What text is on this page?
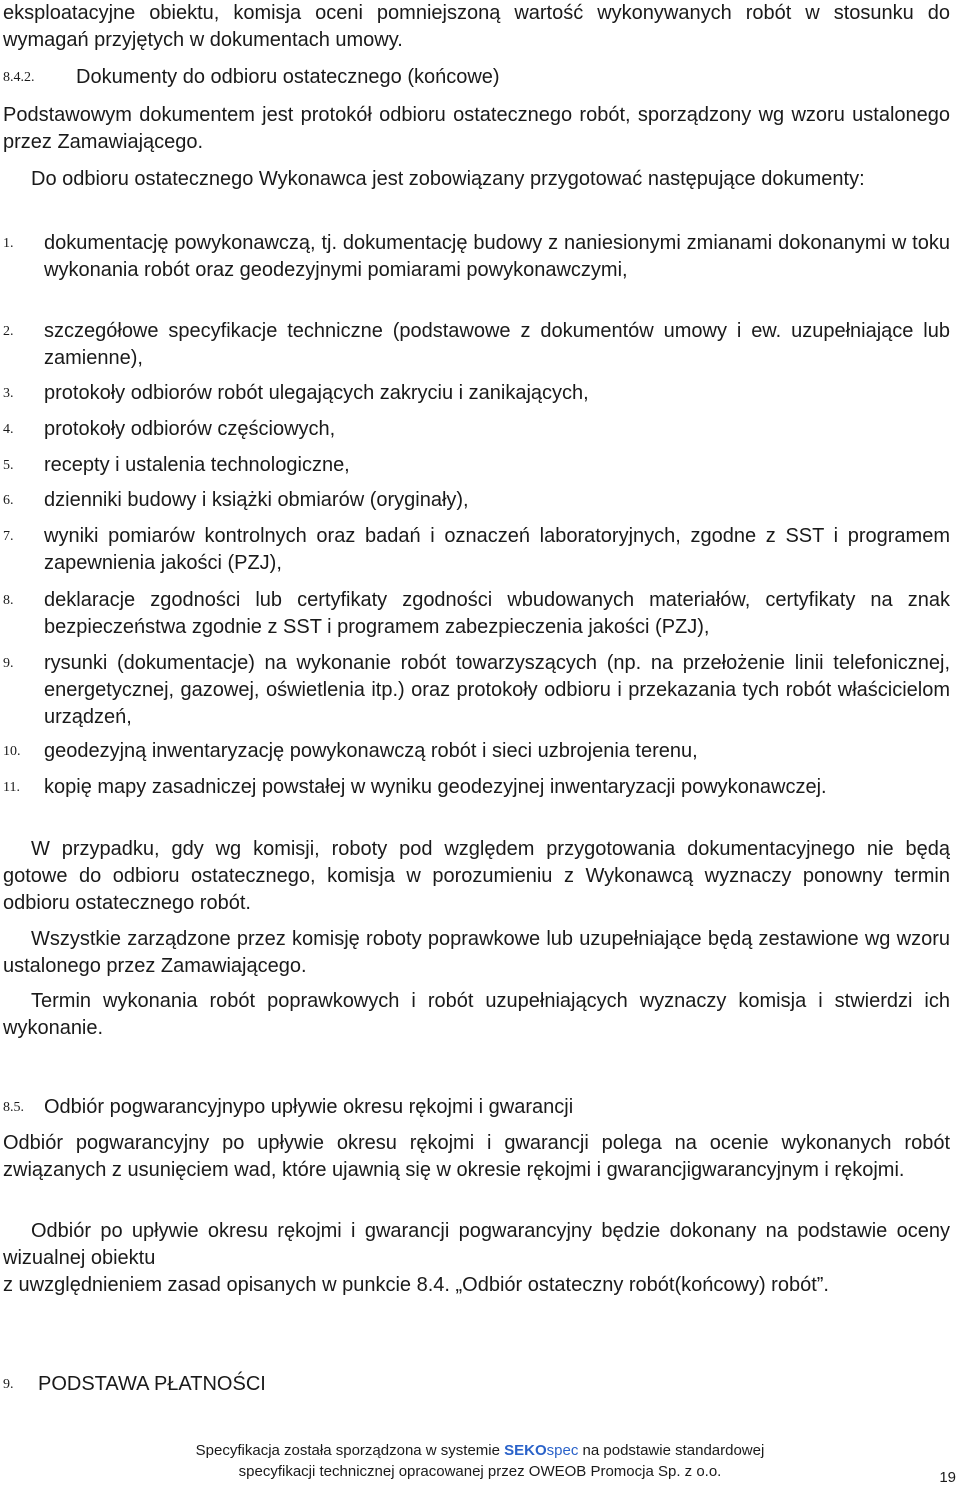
eksploatacyjne obiektu, komisja oceni pomniejszoną wartość wykonywanych robót w stosunku do wymagań przyjętych w dokumentach umowy.

8.4.2. Dokumenty do odbioru ostatecznego (końcowe)

Podstawowym dokumentem jest protokół odbioru ostatecznego robót, sporządzony wg wzoru ustalonego przez Zamawiającego.

Do odbioru ostatecznego Wykonawca jest zobowiązany przygotować następujące dokumenty:

1. dokumentację powykonawczą, tj. dokumentację budowy z naniesionymi zmianami dokonanymi w toku wykonania robót oraz geodezyjnymi pomiarami powykonawczymi,

2. szczegółowe specyfikacje techniczne (podstawowe z dokumentów umowy i ew. uzupełniające lub zamienne),

3. protokoły odbiorów robót ulegających zakryciu i zanikających,

4. protokoły odbiorów częściowych,

5. recepty i ustalenia technologiczne,

6. dzienniki budowy i książki obmiarów (oryginały),

7. wyniki pomiarów kontrolnych oraz badań i oznaczeń laboratoryjnych, zgodne z SST i programem zapewnienia jakości (PZJ),

8. deklaracje zgodności lub certyfikaty zgodności wbudowanych materiałów, certyfikaty na znak bezpieczeństwa zgodnie z SST i programem zabezpieczenia jakości (PZJ),

9. rysunki (dokumentacje) na wykonanie robót towarzyszących (np. na przełożenie linii telefonicznej, energetycznej, gazowej, oświetlenia itp.) oraz protokoły odbioru i przekazania tych robót właścicielom urządzeń,

10. geodezyjną inwentaryzację powykonawczą robót i sieci uzbrojenia terenu,

11. kopię mapy zasadniczej powstałej w wyniku geodezyjnej inwentaryzacji powykonawczej.

W przypadku, gdy wg komisji, roboty pod względem przygotowania dokumentacyjnego nie będą gotowe do odbioru ostatecznego, komisja w porozumieniu z Wykonawcą wyznaczy ponowny termin odbioru ostatecznego robót.

Wszystkie zarządzone przez komisję roboty poprawkowe lub uzupełniające będą zestawione wg wzoru ustalonego przez Zamawiającego.

Termin wykonania robót poprawkowych i robót uzupełniających wyznaczy komisja i stwierdzi ich wykonanie.

8.5. Odbiór pogwarancyjnypo upływie okresu rękojmi i gwarancji

Odbiór pogwarancyjny po upływie okresu rękojmi i gwarancji polega na ocenie wykonanych robót związanych z usunięciem wad, które ujawnią się w okresie rękojmi i gwarancjigwarancyjnym i rękojmi.

Odbiór po upływie okresu rękojmi i gwarancji pogwarancyjny będzie dokonany na podstawie oceny wizualnej obiektu

z uwzględnieniem zasad opisanych w punkcie 8.4. „Odbiór ostateczny robót(końcowy) robót”.

9. PODSTAWA PŁATNOŚCI
Specyfikacja została sporządzona w systemie SEKOspec na podstawie standardowej
specyfikacji technicznej opracowanej przez OWEOB Promocja Sp. z o.o.	19
